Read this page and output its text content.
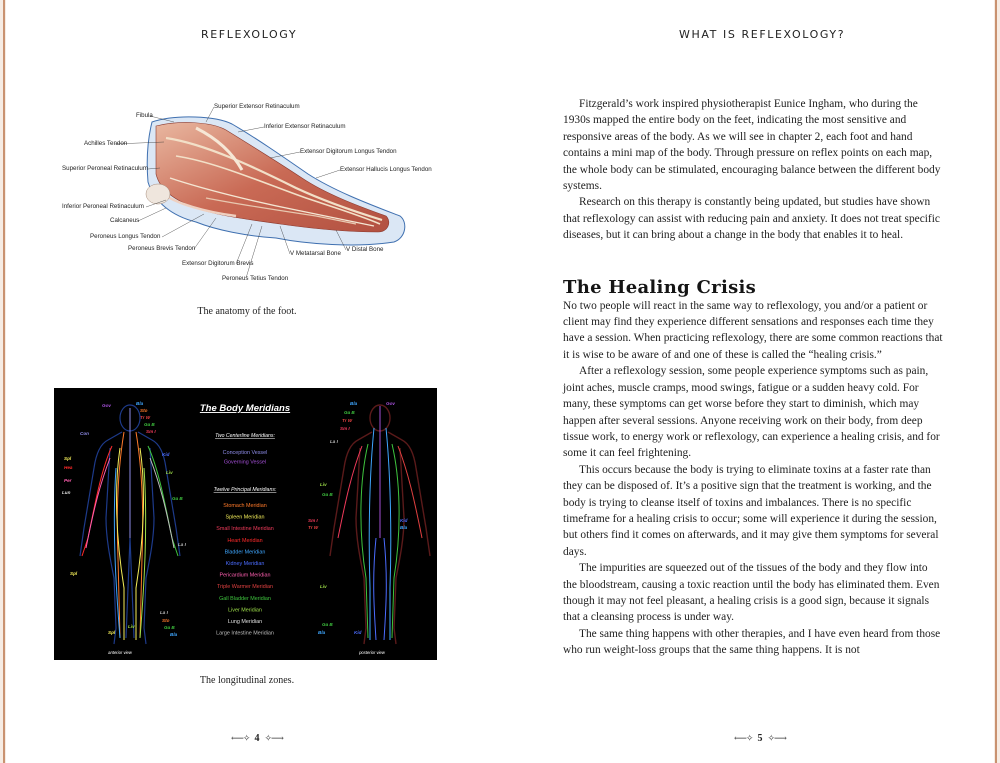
REFLEXOLOGY	WHAT IS REFLEXOLOGY?
Fibula
Superior Extensor Retinaculum
Inferior Extensor Retinaculum
Achilles Tendon
Extensor Digitorum Longus Tendon
Superior Peroneal Retinaculum	Extensor Hallucis Longus Tendon
Inferior Peroneal Retinaculum
Calcaneus
Peroneus Longus Tendon
Peroneus Brevis Tendon
V Metatarsal Bone
V Distal Bone
Extensor Digitorum Brevis
Peroneus Tetius Tendon
The anatomy of the foot.
Gov	Bla
Sto
Tr W
Ga B
Sm I
Con
Kid
Liv
Spl
Hea
Per
Lun
Ga B
La I
Spl
Liv
Spl
Sto
Ga B
Bla
La I
Bla	Gov
Ga B
Tr W
Sm I
La I
Liv
Ga B
Sm I
Tr W
Kid
Bla
Liv
Ga B
Bla	Kid
The Body Meridians
Two Centerline Meridians:
Conception Vessel
Governing Vessel
Twelve Principal Meridians:
Stomach Meridian
Spleen Meridian
Small Intestine Meridian
Heart Meridian
Bladder Meridian
Kidney Meridian
Pericardium Meridian
Triple Warmer Meridian
Gall Bladder Meridian
Liver Meridian
Lung Meridian
Large Intestine Meridian
anterior view	posterior view
The longitudinal zones.

Fitzgerald’s work inspired physiotherapist Eunice Ingham, who during the 1930s mapped the entire body on the feet, indicating the most sensitive and responsive areas of the body. As we will see in chapter 2, each foot and hand contains a mini map of the body. Through pressure on reflex points on each map, the whole body can be stimulated, encouraging balance between the different body systems.

Research on this therapy is constantly being updated, but studies have shown that reflexology can assist with reducing pain and anxiety. It does not treat specific diseases, but it can bring about a change in the body that enables it to heal.

The Healing Crisis

No two people will react in the same way to reflexology, you and/or a patient or client may find they experience different sensations and responses each time they have a session. When practicing reflexology, there are some common reactions that it is wise to be aware of and one of these is called the “healing crisis.”

After a reflexology session, some people experience symptoms such as pain, joint aches, muscle cramps, mood swings, fatigue or a sudden heavy cold. For many, these symptoms can get worse before they start to diminish, which may happen after several sessions. Anyone receiving work on their body, from deep tissue work, to energy work or reflexology, can experience a healing crisis, and for some it can feel frightening.

This occurs because the body is trying to eliminate toxins at a faster rate than they can be disposed of. It’s a positive sign that the treatment is working, and the body is trying to cleanse itself of toxins and imbalances. There is no specific timeframe for a healing crisis to occur; some will experience it during the session, but others find it comes on afterwards, and it may give them symptoms for several days.

The impurities are squeezed out of the tissues of the body and they flow into the bloodstream, causing a toxic reaction until the body has eliminated them. Even though it may not feel pleasant, a healing crisis is a good sign, because it signals that a cleansing process is under way.

The same thing happens with other therapies, and I have even heard from those who run weight-loss groups that the same thing happens. It is not

⟵✧ 4 ✧⟶	⟵✧ 5 ✧⟶
